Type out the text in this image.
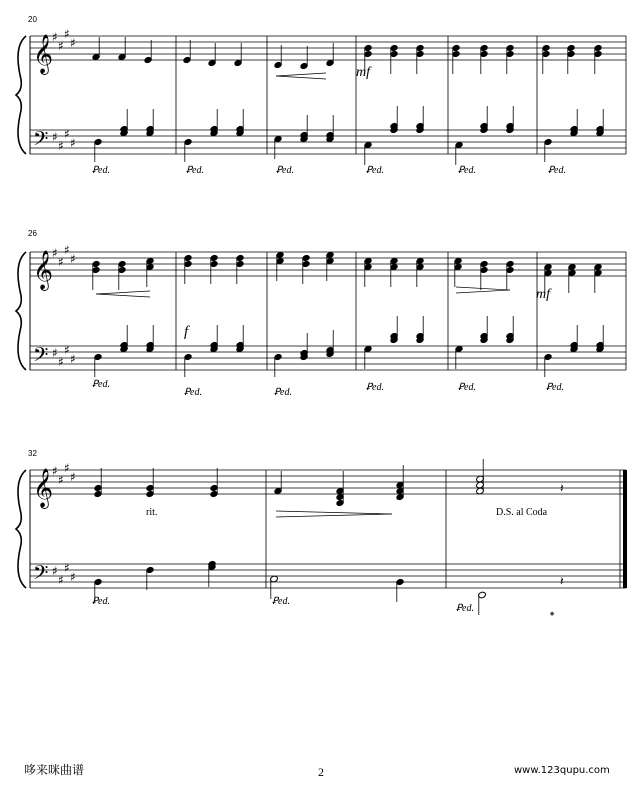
𝄞
𝄢
♯
♯
♯
♯
♯
♯
♯
♯
𝄞
𝄢
♯
♯
♯
♯
♯
♯
♯
♯
𝄞
𝄢
♯
♯
♯
♯
♯
♯
♯
♯
𝄽
𝄽
𝄌
20
26
32
mf
f
mf
rit.	D.S. al Coda
Ꝑed.	Ꝑed.	Ꝑed.	Ꝑed.	Ꝑed.	Ꝑed.
Ꝑed.
Ꝑed.	Ꝑed.	Ꝑed.	Ꝑed.	Ꝑed.
Ꝑed.	Ꝑed.
Ꝑed.
哆来咪曲谱	2	www.123qupu.com
